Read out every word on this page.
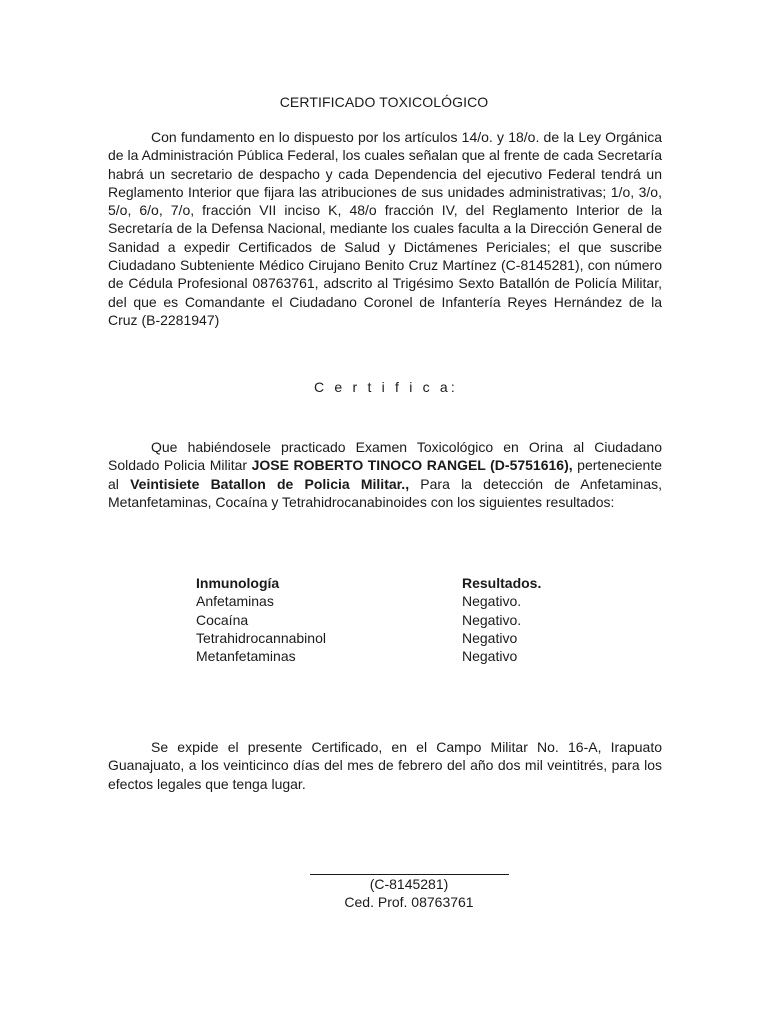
CERTIFICADO TOXICOLÓGICO
Con fundamento en lo dispuesto por los artículos 14/o. y 18/o. de la Ley Orgánica de la Administración Pública Federal, los cuales señalan que al frente de cada Secretaría habrá un secretario de despacho y cada Dependencia del ejecutivo Federal tendrá un Reglamento Interior que fijara las atribuciones de sus unidades administrativas; 1/o, 3/o, 5/o, 6/o, 7/o, fracción VII inciso K, 48/o fracción IV, del Reglamento Interior de la Secretaría de la Defensa Nacional, mediante los cuales faculta a la Dirección General de Sanidad a expedir Certificados de Salud y Dictámenes Periciales; el que suscribe Ciudadano Subteniente Médico Cirujano Benito Cruz Martínez (C-8145281), con número de Cédula Profesional 08763761, adscrito al Trigésimo Sexto Batallón de Policía Militar, del que es Comandante el Ciudadano Coronel de Infantería Reyes Hernández de la Cruz (B-2281947)
C e r t i f i c a:
Que habiéndosele practicado Examen Toxicológico en Orina al Ciudadano Soldado Policia Militar JOSE ROBERTO TINOCO RANGEL (D-5751616), perteneciente al Veintisiete Batallon de Policia Militar., Para la detección de Anfetaminas, Metanfetaminas, Cocaína y Tetrahidrocanabinoides con los siguientes resultados:
Inmunología	Resultados.
Anfetaminas	Negativo.
Cocaína	Negativo.
Tetrahidrocannabinol	Negativo
Metanfetaminas	Negativo
Se expide el presente Certificado, en el Campo Militar No. 16-A, Irapuato Guanajuato, a los veinticinco días del mes de febrero del año dos mil veintitrés, para los efectos legales que tenga lugar.
(C-8145281)
Ced. Prof. 08763761
